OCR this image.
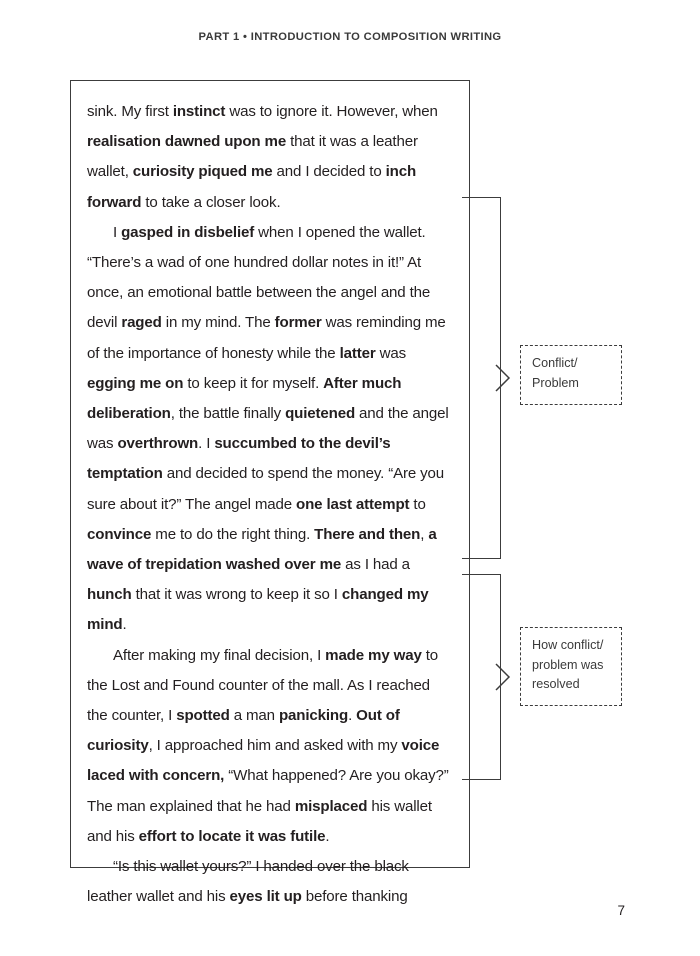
PART 1 • INTRODUCTION TO COMPOSITION WRITING

sink. My first instinct was to ignore it. However, when realisation dawned upon me that it was a leather wallet, curiosity piqued me and I decided to inch forward to take a closer look.

I gasped in disbelief when I opened the wallet. “There’s a wad of one hundred dollar notes in it!” At once, an emotional battle between the angel and the devil raged in my mind. The former was reminding me of the importance of honesty while the latter was egging me on to keep it for myself. After much deliberation, the battle finally quietened and the angel was overthrown. I succumbed to the devil’s temptation and decided to spend the money. “Are you sure about it?” The angel made one last attempt to convince me to do the right thing. There and then, a wave of trepidation washed over me as I had a hunch that it was wrong to keep it so I changed my mind.

After making my final decision, I made my way to the Lost and Found counter of the mall. As I reached the counter, I spotted a man panicking. Out of curiosity, I approached him and asked with my voice laced with concern, “What happened? Are you okay?” The man explained that he had misplaced his wallet and his effort to locate it was futile.

“Is this wallet yours?” I handed over the black leather wallet and his eyes lit up before thanking

Conflict/
Problem
How conflict/
problem was
resolved
7
